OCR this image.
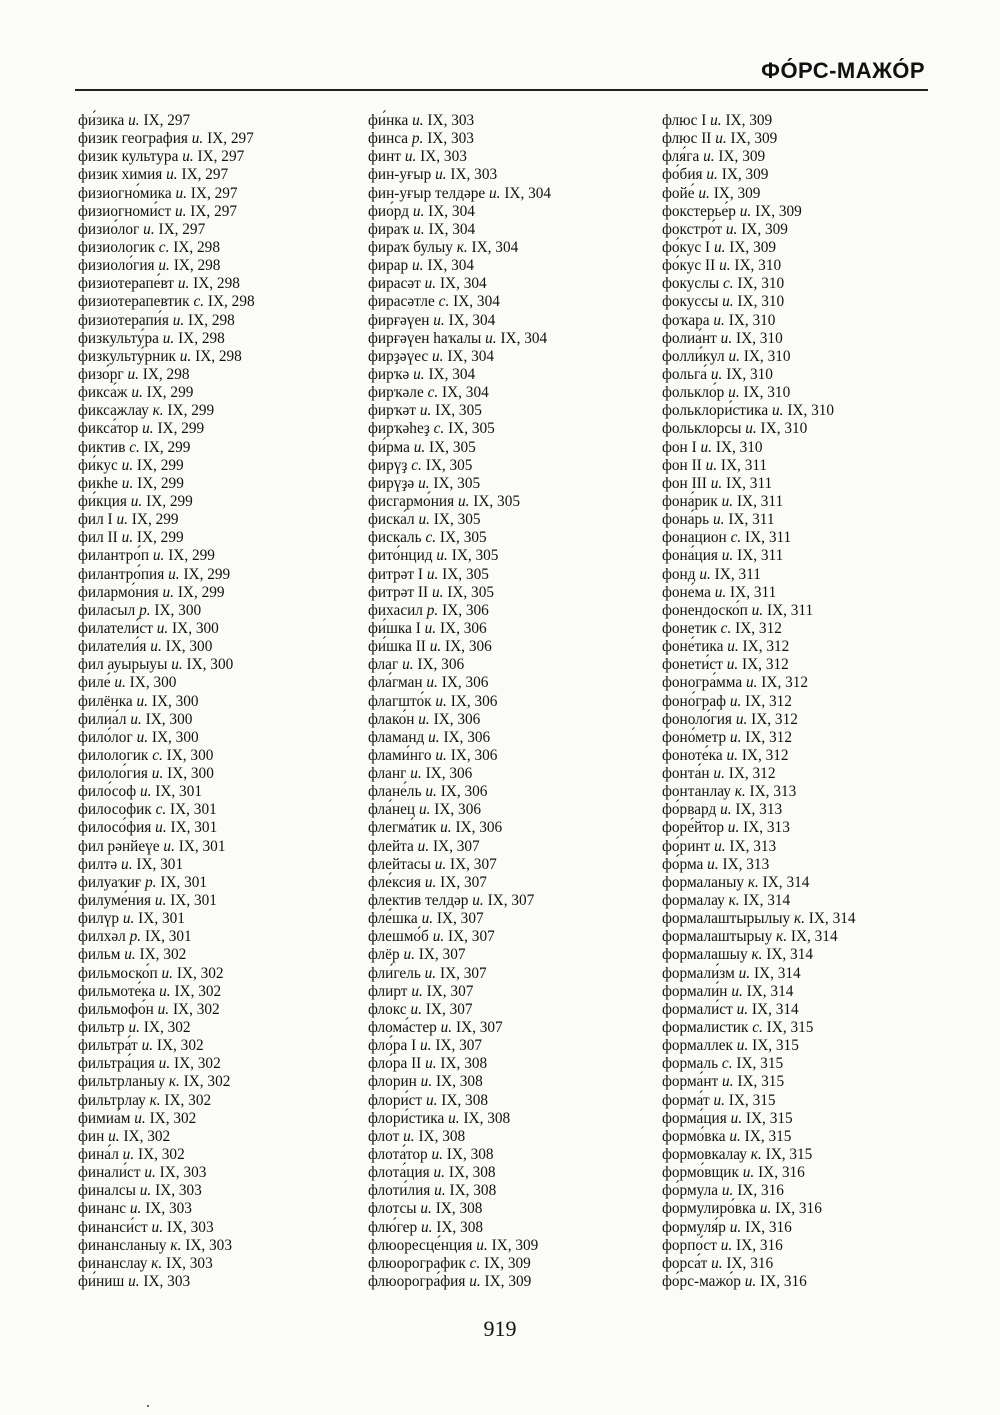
ФО́РС-МАЖО́Р
фи́зика и. IX, 297
физик география и. IX, 297
физик культура и. IX, 297
физик химия и. IX, 297
физиогно́мика и. IX, 297
физиогноми́ст и. IX, 297
физио́лог и. IX, 297
физиологик с. IX, 298
физиоло́гия и. IX, 298
физиотерапе́вт и. IX, 298
физиотерапевтик с. IX, 298
физиотерапи́я и. IX, 298
физкульту́ра и. IX, 298
физкульту́рник и. IX, 298
физо́рг и. IX, 298
фикса́ж и. IX, 299
фиксажлау к. IX, 299
фикса́тор и. IX, 299
фиктив с. IX, 299
фи́кус и. IX, 299
фикһе и. IX, 299
фи́кция и. IX, 299
фил I и. IX, 299
фил II и. IX, 299
филантро́п и. IX, 299
филантро́пия и. IX, 299
филармо́ния и. IX, 299
филасыл р. IX, 300
филатели́ст и. IX, 300
филатели́я и. IX, 300
фил ауырыуы и. IX, 300
филе́ и. IX, 300
филёнка и. IX, 300
филиа́л и. IX, 300
фило́лог и. IX, 300
филологик с. IX, 300
филоло́гия и. IX, 300
фило́соф и. IX, 301
философик с. IX, 301
филосо́фия и. IX, 301
фил рәнйеүе и. IX, 301
филтә и. IX, 301
филуаҡиғ р. IX, 301
филуме́ния и. IX, 301
филүр и. IX, 301
филхәл р. IX, 301
фильм и. IX, 302
фильмоско́п и. IX, 302
фильмоте́ка и. IX, 302
фильмофо́н и. IX, 302
фильтр и. IX, 302
фильтра́т и. IX, 302
фильтра́ция и. IX, 302
фильтрланыу к. IX, 302
фильтрлау к. IX, 302
фимиа́м и. IX, 302
фин и. IX, 302
фина́л и. IX, 302
финали́ст и. IX, 303
финалсы и. IX, 303
финанс и. IX, 303
финанси́ст и. IX, 303
финансланыу к. IX, 303
финанслау к. IX, 303
фи́ниш и. IX, 303
фи́нка и. IX, 303
финса р. IX, 303
финт и. IX, 303
фин-уғыр и. IX, 303
фин-уғыр телдәре и. IX, 304
фио́рд и. IX, 304
фираҡ и. IX, 304
фираҡ булыу к. IX, 304
фирар и. IX, 304
фирасәт и. IX, 304
фирасәтле с. IX, 304
фирғәүен и. IX, 304
фирғәүен һаҡалы и. IX, 304
фирҙәүес и. IX, 304
фирҡә и. IX, 304
фирҡәле с. IX, 304
фирҡәт и. IX, 305
фирҡәһеҙ с. IX, 305
фи́рма и. IX, 305
фирүҙ с. IX, 305
фирүҙә и. IX, 305
фисгармо́ния и. IX, 305
фиска́л и. IX, 305
фискаль с. IX, 305
фито́нцид и. IX, 305
фитрәт I и. IX, 305
фитрәт II и. IX, 305
фихасил р. IX, 306
фи́шка I и. IX, 306
фи́шка II и. IX, 306
флаг и. IX, 306
фла́гман и. IX, 306
флагшто́к и. IX, 306
флако́н и. IX, 306
фламанд и. IX, 306
флами́нго и. IX, 306
фланг и. IX, 306
флане́ль и. IX, 306
фла́нец и. IX, 306
флегма́тик и. IX, 306
флейта и. IX, 307
флейтасы и. IX, 307
фле́ксия и. IX, 307
флектив телдәр и. IX, 307
фле́шка и. IX, 307
флешмо́б и. IX, 307
флёр и. IX, 307
фли́гель и. IX, 307
флирт и. IX, 307
флокс и. IX, 307
флома́стер и. IX, 307
фло́ра I и. IX, 307
фло́ра II и. IX, 308
флорин и. IX, 308
флори́ст и. IX, 308
флори́стика и. IX, 308
флот и. IX, 308
флота́тор и. IX, 308
флота́ция и. IX, 308
флоти́лия и. IX, 308
флотсы и. IX, 308
флю́гер и. IX, 308
флюоресце́нция и. IX, 309
флюорографик с. IX, 309
флюорогра́фия и. IX, 309
флюс I и. IX, 309
флюс II и. IX, 309
фля́га и. IX, 309
фо́бия и. IX, 309
фойе́ и. IX, 309
фокстерье́р и. IX, 309
фокстро́т и. IX, 309
фо́кус I и. IX, 309
фо́кус II и. IX, 310
фокуслы с. IX, 310
фокуссы и. IX, 310
фоҡара и. IX, 310
фолиа́нт и. IX, 310
фолли́кул и. IX, 310
фольга́ и. IX, 310
фолькло́р и. IX, 310
фольклори́стика и. IX, 310
фольклорсы и. IX, 310
фон I и. IX, 310
фон II и. IX, 311
фон III и. IX, 311
фона́рик и. IX, 311
фона́рь и. IX, 311
фонацион с. IX, 311
фона́ция и. IX, 311
фонд и. IX, 311
фоне́ма и. IX, 311
фонендоско́п и. IX, 311
фонетик с. IX, 312
фоне́тика и. IX, 312
фонети́ст и. IX, 312
фоногра́мма и. IX, 312
фоно́граф и. IX, 312
фоноло́гия и. IX, 312
фоно́метр и. IX, 312
фоноте́ка и. IX, 312
фонта́н и. IX, 312
фонтанлау к. IX, 313
фо́рвард и. IX, 313
форе́йтор и. IX, 313
фо́ринт и. IX, 313
фо́рма и. IX, 313
формаланыу к. IX, 314
формалау к. IX, 314
формалаштырылыу к. IX, 314
формалаштырыу к. IX, 314
формалашыу к. IX, 314
формали́зм и. IX, 314
формали́н и. IX, 314
формали́ст и. IX, 314
формалистик с. IX, 315
формаллек и. IX, 315
формаль с. IX, 315
форма́нт и. IX, 315
форма́т и. IX, 315
форма́ция и. IX, 315
формо́вка и. IX, 315
формовкалау к. IX, 315
формо́вщик и. IX, 316
фо́рмула и. IX, 316
формулиро́вка и. IX, 316
формуля́р и. IX, 316
форпо́ст и. IX, 316
форса́т и. IX, 316
фо́рс-мажо́р и. IX, 316
919
